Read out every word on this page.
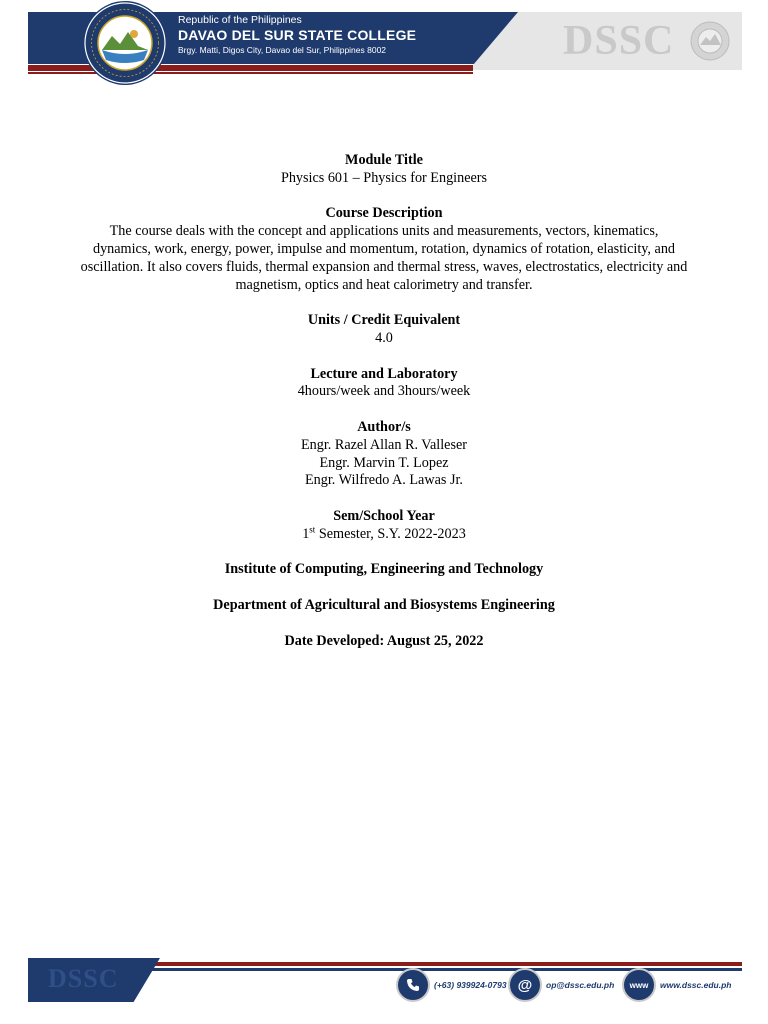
Republic of the Philippines
DAVAO DEL SUR STATE COLLEGE
Brgy. Matti, Digos City, Davao del Sur, Philippines 8002	DSSC
Module Title
Physics 601 – Physics for Engineers
Course Description
The course deals with the concept and applications units and measurements, vectors, kinematics, dynamics, work, energy, power, impulse and momentum, rotation, dynamics of rotation, elasticity, and oscillation. It also covers fluids, thermal expansion and thermal stress, waves, electrostatics, electricity and magnetism, optics and heat calorimetry and transfer.
Units / Credit Equivalent
4.0
Lecture and Laboratory
4hours/week and 3hours/week
Author/s
Engr. Razel Allan R. Valleser
Engr. Marvin T. Lopez
Engr. Wilfredo A. Lawas Jr.
Sem/School Year
1st Semester, S.Y. 2022-2023
Institute of Computing, Engineering and Technology
Department of Agricultural and Biosystems Engineering
Date Developed: August 25, 2022
DSSC	(+63) 939924-0793 @	op@dssc.edu.ph	www	www.dssc.edu.ph
